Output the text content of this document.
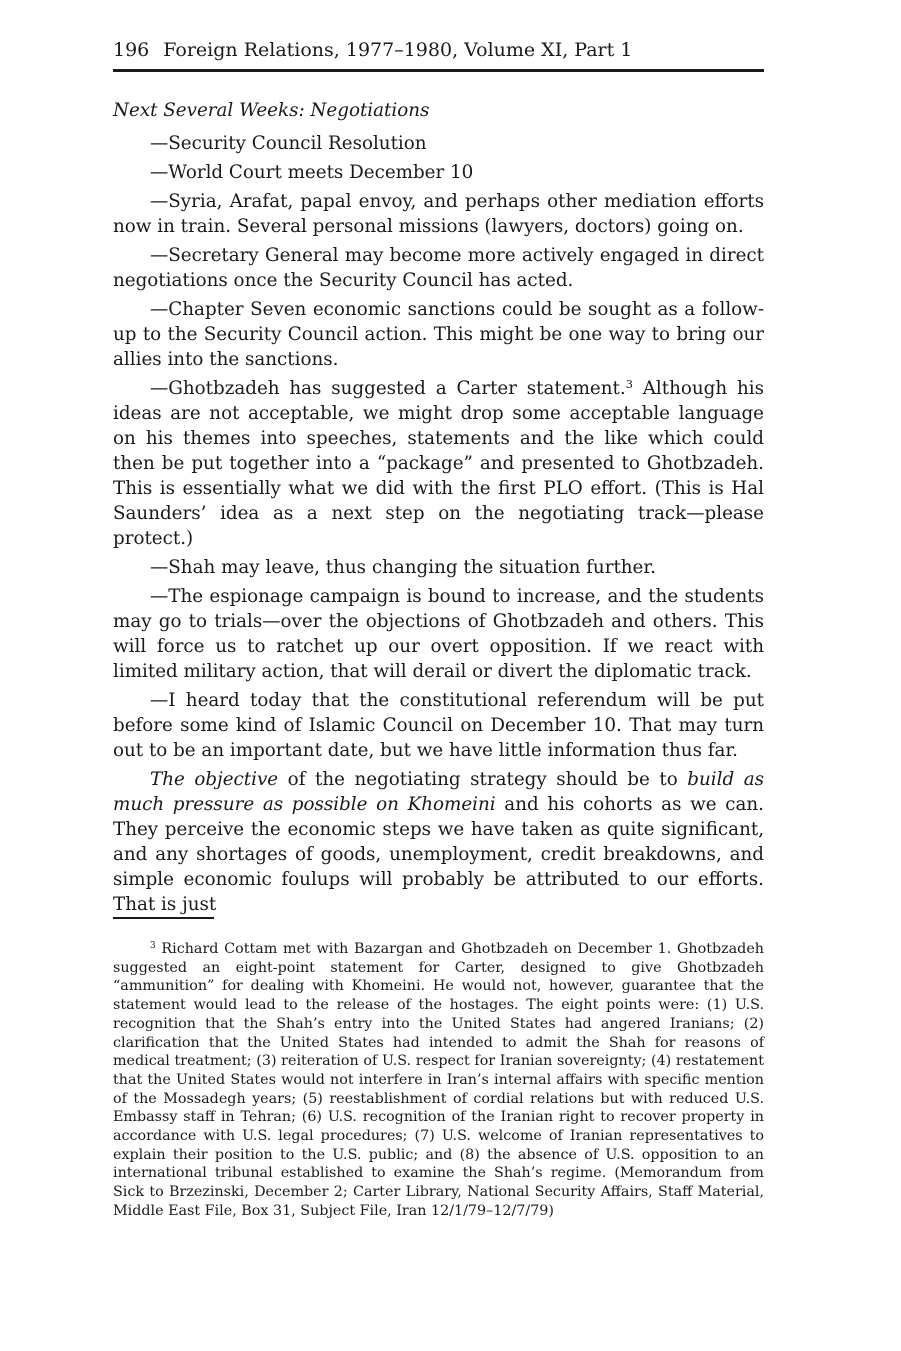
196 Foreign Relations, 1977–1980, Volume XI, Part 1

Next Several Weeks: Negotiations

—Security Council Resolution

—World Court meets December 10

—Syria, Arafat, papal envoy, and perhaps other mediation efforts now in train. Several personal missions (lawyers, doctors) going on.

—Secretary General may become more actively engaged in direct negotiations once the Security Council has acted.

—Chapter Seven economic sanctions could be sought as a follow-up to the Security Council action. This might be one way to bring our allies into the sanctions.

—Ghotbzadeh has suggested a Carter statement.$^3$ Although his ideas are not acceptable, we might drop some acceptable language on his themes into speeches, statements and the like which could then be put together into a “package” and presented to Ghotbzadeh. This is essentially what we did with the first PLO effort. (This is Hal Saunders’ idea as a next step on the negotiating track—please protect.)

—Shah may leave, thus changing the situation further.

—The espionage campaign is bound to increase, and the students may go to trials—over the objections of Ghotbzadeh and others. This will force us to ratchet up our overt opposition. If we react with limited military action, that will derail or divert the diplomatic track.

—I heard today that the constitutional referendum will be put before some kind of Islamic Council on December 10. That may turn out to be an important date, but we have little information thus far.

The objective of the negotiating strategy should be to build as much pressure as possible on Khomeini and his cohorts as we can. They perceive the economic steps we have taken as quite significant, and any shortages of goods, unemployment, credit breakdowns, and simple economic foulups will probably be attributed to our efforts. That is just

$^3$ Richard Cottam met with Bazargan and Ghotbzadeh on December 1. Ghotbzadeh suggested an eight-point statement for Carter, designed to give Ghotbzadeh “ammunition” for dealing with Khomeini. He would not, however, guarantee that the statement would lead to the release of the hostages. The eight points were: (1) U.S. recognition that the Shah’s entry into the United States had angered Iranians; (2) clarification that the United States had intended to admit the Shah for reasons of medical treatment; (3) reiteration of U.S. respect for Iranian sovereignty; (4) restatement that the United States would not interfere in Iran’s internal affairs with specific mention of the Mossadegh years; (5) reestablishment of cordial relations but with reduced U.S. Embassy staff in Tehran; (6) U.S. recognition of the Iranian right to recover property in accordance with U.S. legal procedures; (7) U.S. welcome of Iranian representatives to explain their position to the U.S. public; and (8) the absence of U.S. opposition to an international tribunal established to examine the Shah’s regime. (Memorandum from Sick to Brzezinski, December 2; Carter Library, National Security Affairs, Staff Material, Middle East File, Box 31, Subject File, Iran 12/1/79–12/7/79)
